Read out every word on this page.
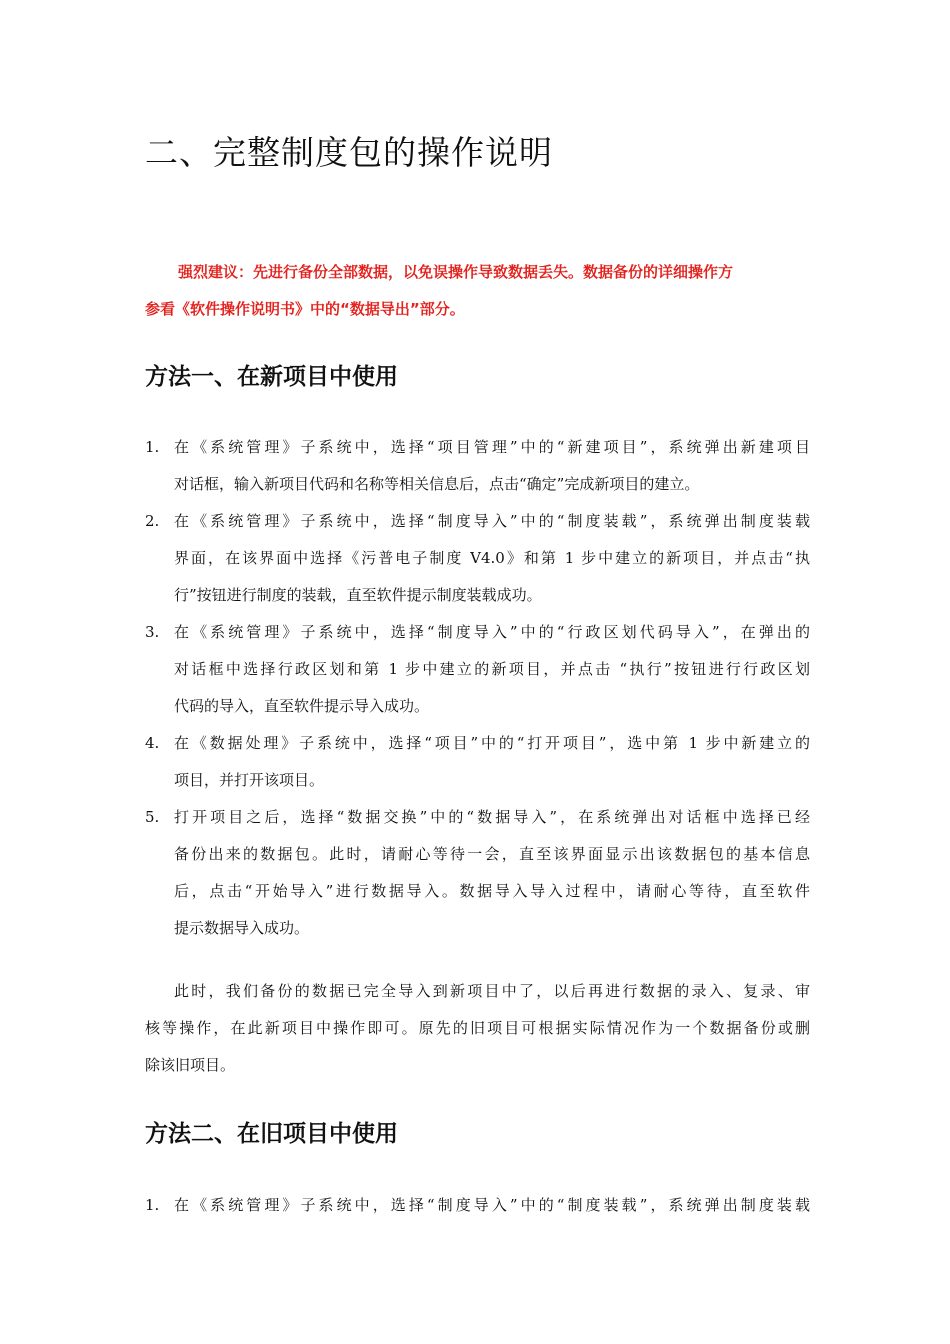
二、完整制度包的操作说明

强烈建议：先进行备份全部数据，以免误操作导致数据丢失。数据备份的详细操作方
参看《软件操作说明书》中的“数据导出”部分。

方法一、在新项目中使用
1. 在《系统管理》子系统中，选择“项目管理”中的“新建项目”，系统弹出新建项目
对话框，输入新项目代码和名称等相关信息后，点击“确定”完成新项目的建立。
2. 在《系统管理》子系统中，选择“制度导入”中的“制度装载”，系统弹出制度装载
界面，在该界面中选择《污普电子制度 V4.0》和第 1 步中建立的新项目，并点击“执
行”按钮进行制度的装载，直至软件提示制度装载成功。
3. 在《系统管理》子系统中，选择“制度导入”中的“行政区划代码导入”，在弹出的
对话框中选择行政区划和第 1 步中建立的新项目，并点击 “执行”按钮进行行政区划
代码的导入，直至软件提示导入成功。
4. 在《数据处理》子系统中，选择“项目”中的“打开项目”，选中第 1 步中新建立的
项目，并打开该项目。
5. 打开项目之后，选择“数据交换”中的“数据导入”，在系统弹出对话框中选择已经
备份出来的数据包。此时，请耐心等待一会，直至该界面显示出该数据包的基本信息
后，点击“开始导入”进行数据导入。数据导入导入过程中，请耐心等待，直至软件
提示数据导入成功。

此时，我们备份的数据已完全导入到新项目中了，以后再进行数据的录入、复录、审
核等操作，在此新项目中操作即可。原先的旧项目可根据实际情况作为一个数据备份或删
除该旧项目。

方法二、在旧项目中使用
1. 在《系统管理》子系统中，选择“制度导入”中的“制度装载”，系统弹出制度装载
